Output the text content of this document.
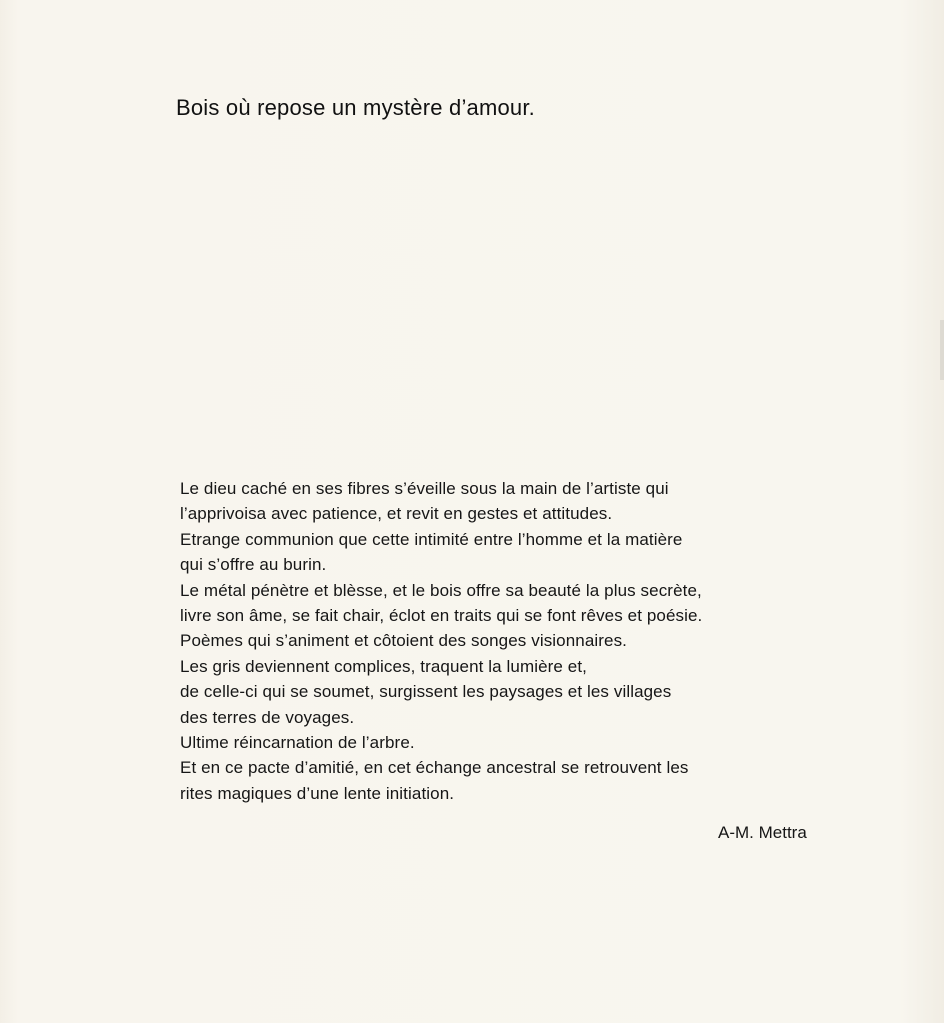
Bois où repose un mystère d’amour.
Le dieu caché en ses fibres s’éveille sous la main de l’artiste qui
l’apprivoisa avec patience, et revit en gestes et attitudes.
Etrange communion que cette intimité entre l’homme et la matière
qui s’offre au burin.
Le métal pénètre et blèsse, et le bois offre sa beauté la plus secrète,
livre son âme, se fait chair, éclot en traits qui se font rêves et poésie.
Poèmes qui s’animent et côtoient des songes visionnaires.
Les gris deviennent complices, traquent la lumière et,
de celle-ci qui se soumet, surgissent les paysages et les villages
des terres de voyages.
Ultime réincarnation de l’arbre.
Et en ce pacte d’amitié, en cet échange ancestral se retrouvent les
rites magiques d’une lente initiation.
A-M. Mettra
